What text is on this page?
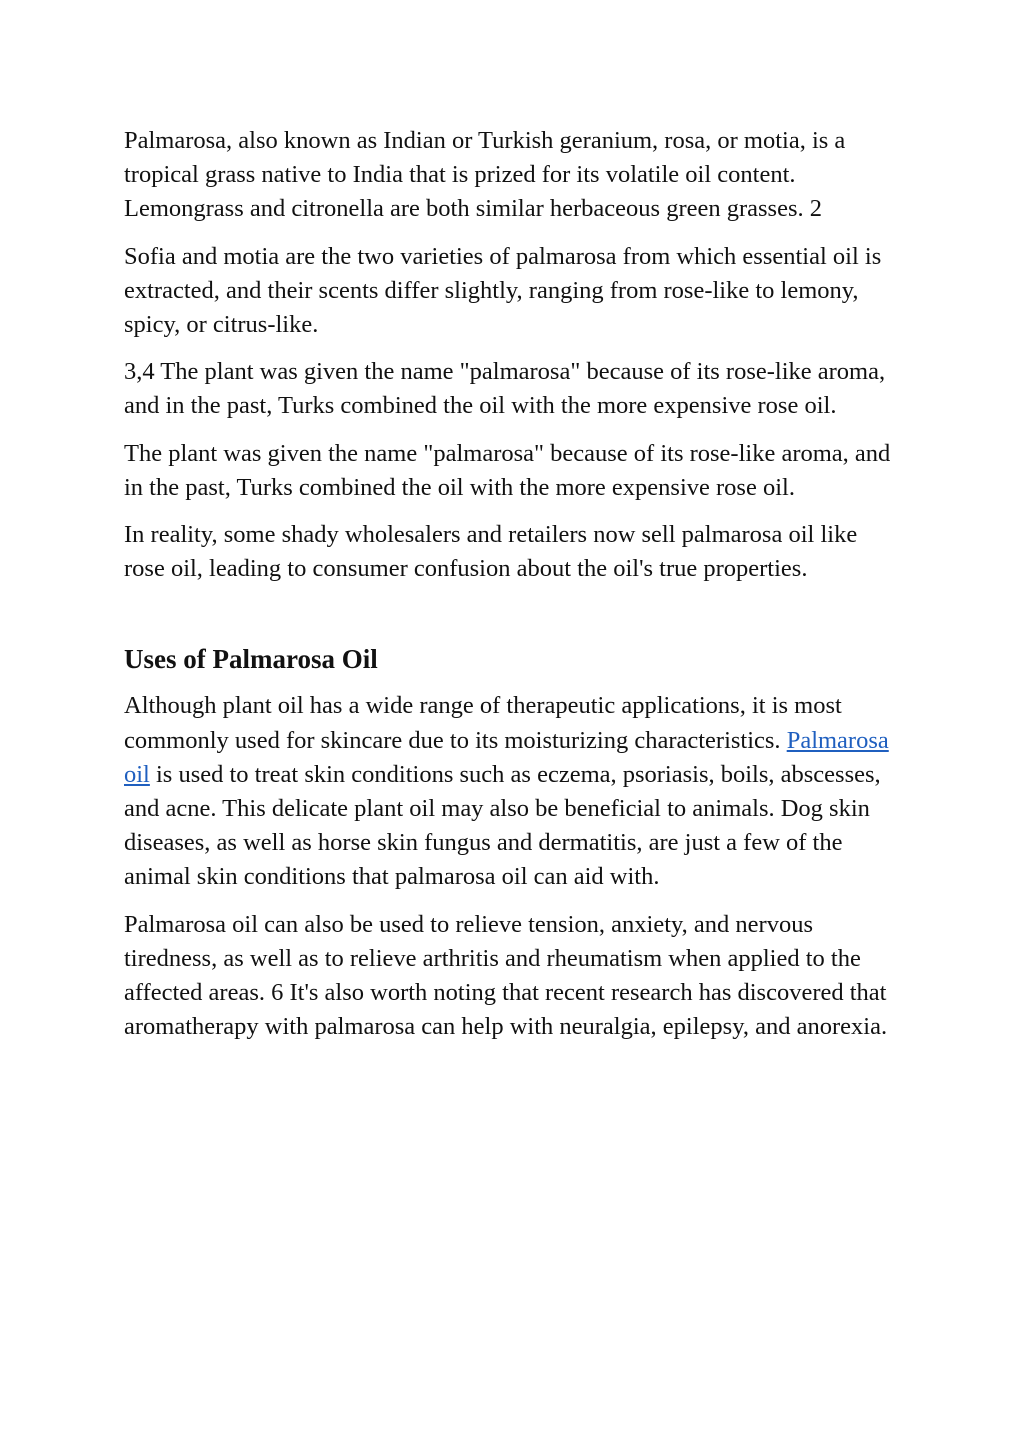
Palmarosa, also known as Indian or Turkish geranium, rosa, or motia, is a tropical grass native to India that is prized for its volatile oil content. Lemongrass and citronella are both similar herbaceous green grasses. 2

Sofia and motia are the two varieties of palmarosa from which essential oil is extracted, and their scents differ slightly, ranging from rose-like to lemony, spicy, or citrus-like.

3,4 The plant was given the name "palmarosa" because of its rose-like aroma, and in the past, Turks combined the oil with the more expensive rose oil.

The plant was given the name "palmarosa" because of its rose-like aroma, and in the past, Turks combined the oil with the more expensive rose oil.

In reality, some shady wholesalers and retailers now sell palmarosa oil like rose oil, leading to consumer confusion about the oil's true properties.

Uses of Palmarosa Oil

Although plant oil has a wide range of therapeutic applications, it is most commonly used for skincare due to its moisturizing characteristics. Palmarosa oil is used to treat skin conditions such as eczema, psoriasis, boils, abscesses, and acne. This delicate plant oil may also be beneficial to animals. Dog skin diseases, as well as horse skin fungus and dermatitis, are just a few of the animal skin conditions that palmarosa oil can aid with.

Palmarosa oil can also be used to relieve tension, anxiety, and nervous tiredness, as well as to relieve arthritis and rheumatism when applied to the affected areas. 6 It's also worth noting that recent research has discovered that aromatherapy with palmarosa can help with neuralgia, epilepsy, and anorexia.
